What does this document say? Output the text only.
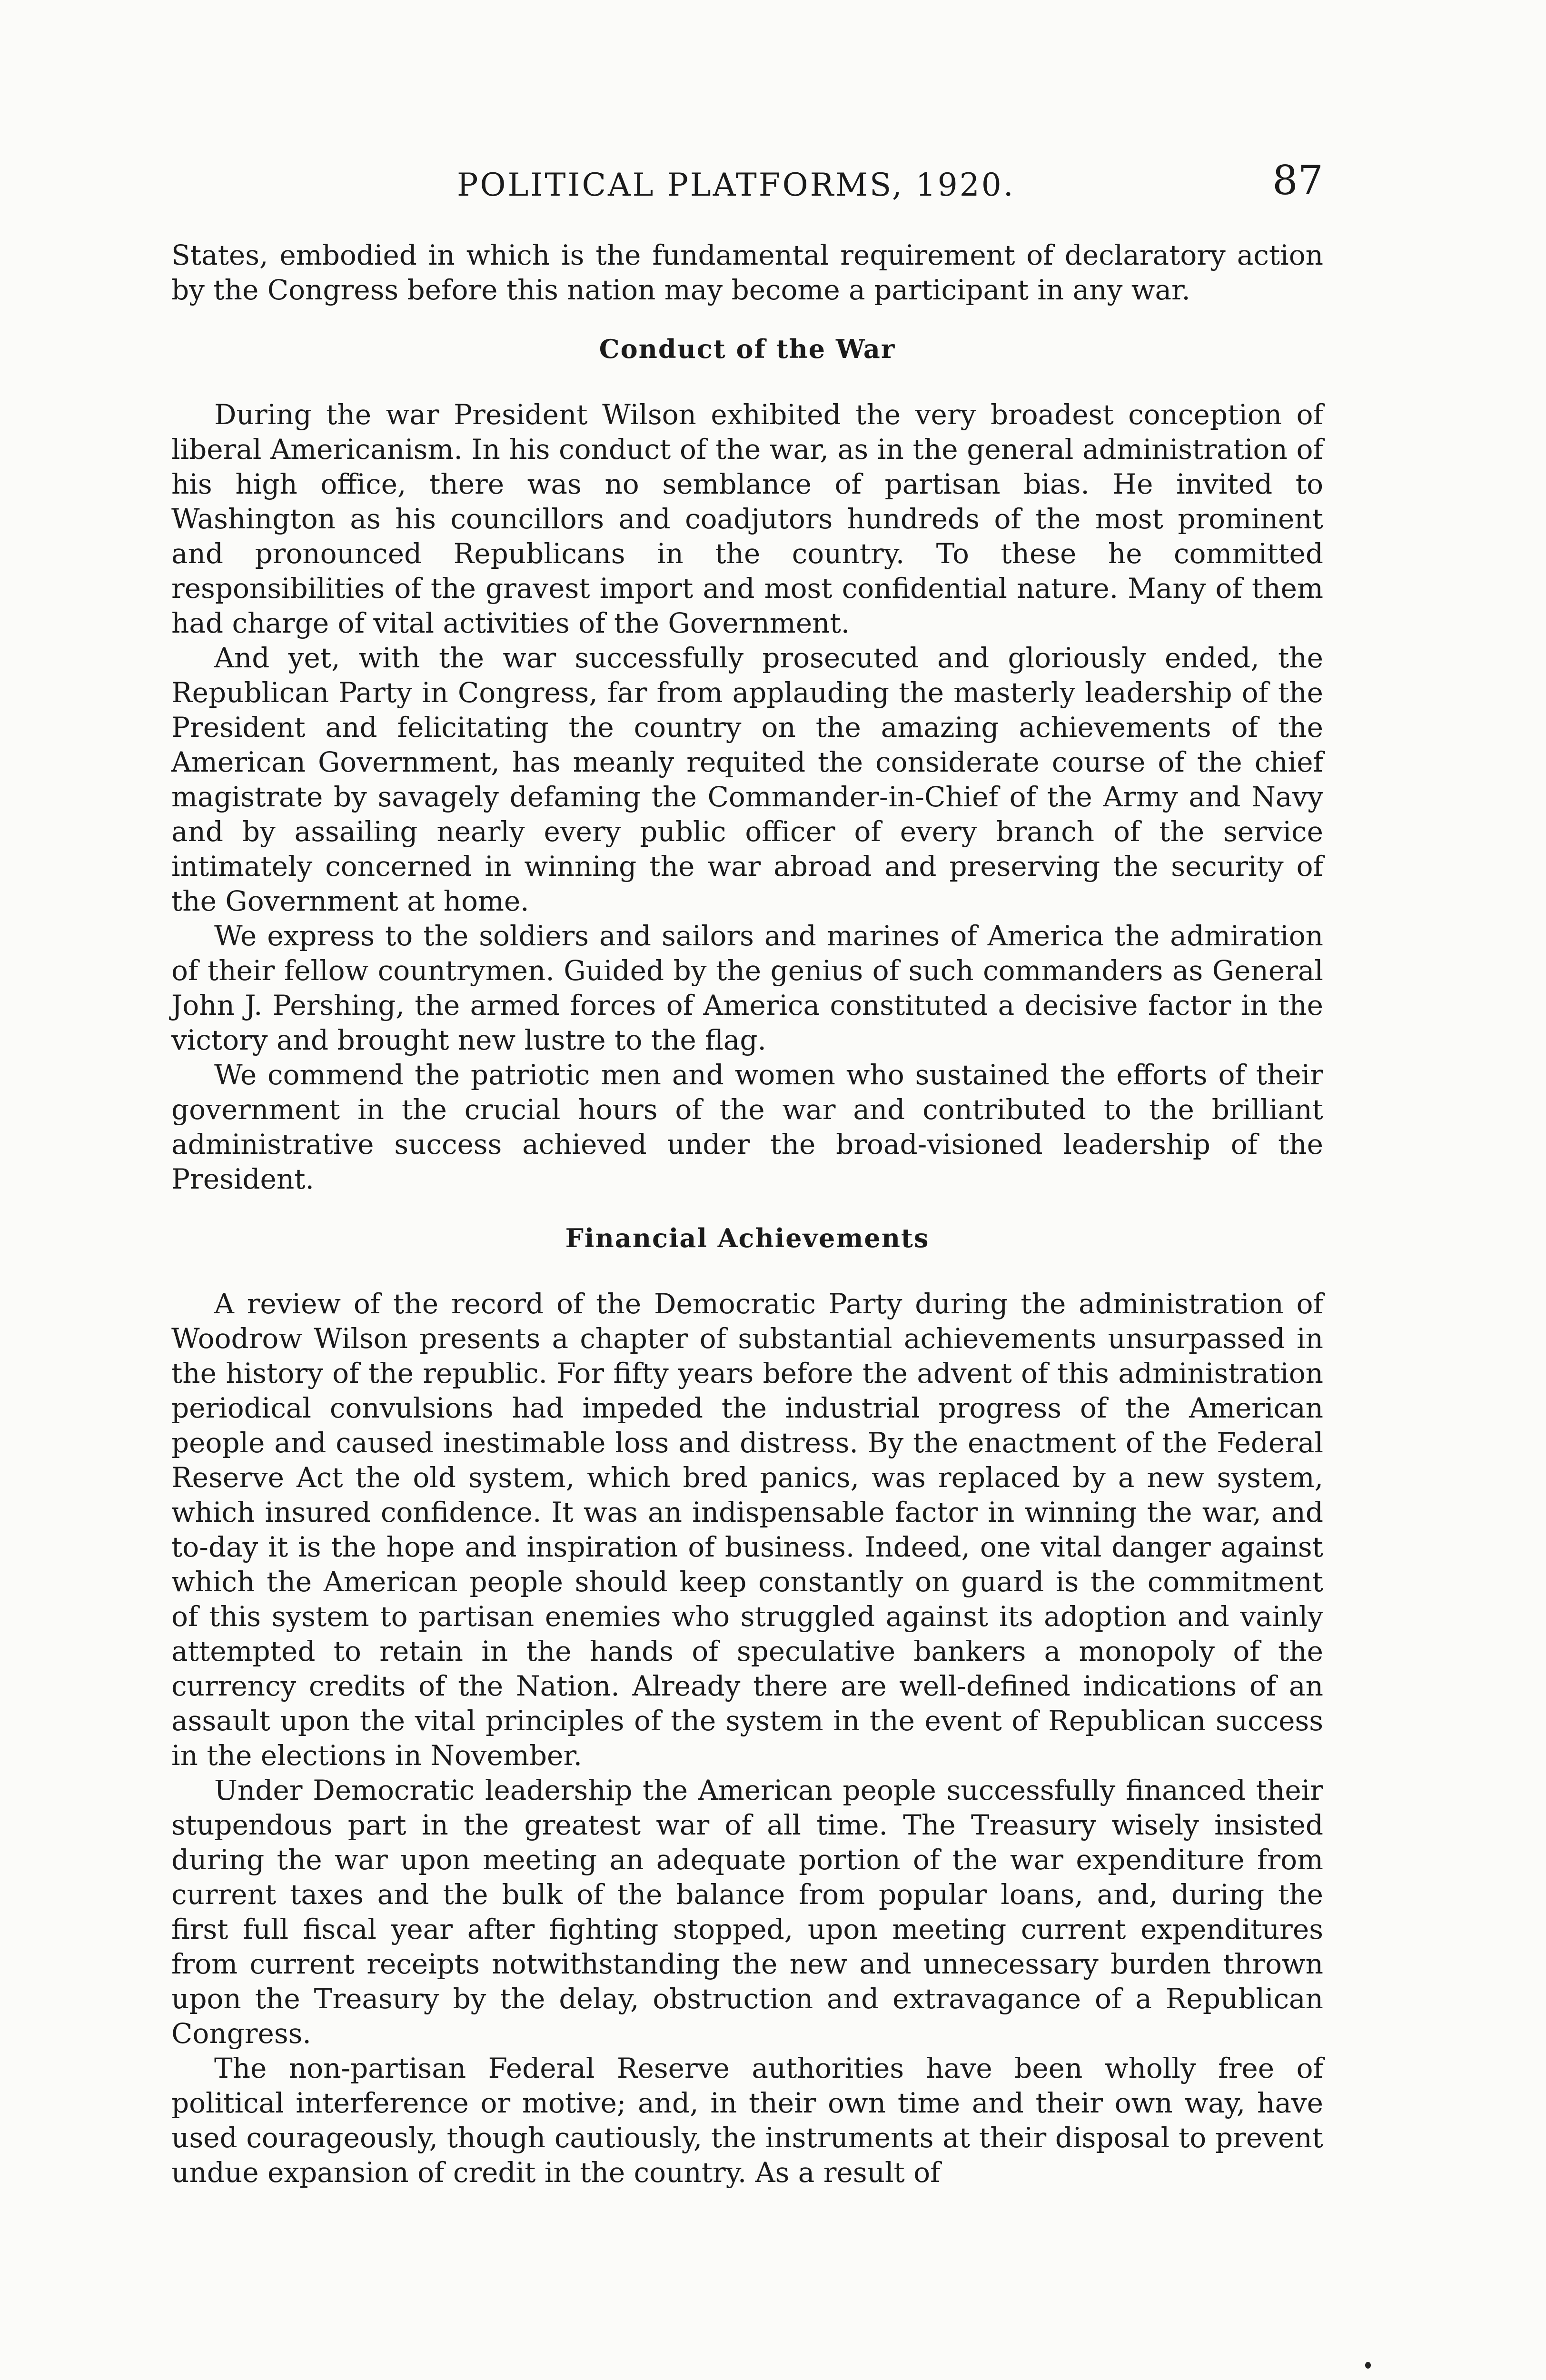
POLITICAL PLATFORMS, 1920.	87

States, embodied in which is the fundamental requirement of declaratory action by the Congress before this nation may become a participant in any war.

Conduct of the War

During the war President Wilson exhibited the very broadest conception of liberal Americanism. In his conduct of the war, as in the general administration of his high office, there was no semblance of partisan bias. He invited to Washington as his councillors and coadjutors hundreds of the most prominent and pronounced Republicans in the country. To these he committed responsibilities of the gravest import and most confidential nature. Many of them had charge of vital activities of the Government.

And yet, with the war successfully prosecuted and gloriously ended, the Republican Party in Congress, far from applauding the masterly leadership of the President and felicitating the country on the amazing achievements of the American Government, has meanly requited the considerate course of the chief magistrate by savagely defaming the Commander-in-Chief of the Army and Navy and by assailing nearly every public officer of every branch of the service intimately concerned in winning the war abroad and preserving the security of the Government at home.

We express to the soldiers and sailors and marines of America the admiration of their fellow countrymen. Guided by the genius of such commanders as General John J. Pershing, the armed forces of America constituted a decisive factor in the victory and brought new lustre to the flag.

We commend the patriotic men and women who sustained the efforts of their government in the crucial hours of the war and contributed to the brilliant administrative success achieved under the broad-visioned leadership of the President.

Financial Achievements

A review of the record of the Democratic Party during the administration of Woodrow Wilson presents a chapter of substantial achievements unsurpassed in the history of the republic. For fifty years before the advent of this administration periodical convulsions had impeded the industrial progress of the American people and caused inestimable loss and distress. By the enactment of the Federal Reserve Act the old system, which bred panics, was replaced by a new system, which insured confidence. It was an indispensable factor in winning the war, and to-day it is the hope and inspiration of business. Indeed, one vital danger against which the American people should keep constantly on guard is the commitment of this system to partisan enemies who struggled against its adoption and vainly attempted to retain in the hands of speculative bankers a monopoly of the currency credits of the Nation. Already there are well-defined indications of an assault upon the vital principles of the system in the event of Republican success in the elections in November.

Under Democratic leadership the American people successfully financed their stupendous part in the greatest war of all time. The Treasury wisely insisted during the war upon meeting an adequate portion of the war expenditure from current taxes and the bulk of the balance from popular loans, and, during the first full fiscal year after fighting stopped, upon meeting current expenditures from current receipts notwithstanding the new and unnecessary burden thrown upon the Treasury by the delay, obstruction and extravagance of a Republican Congress.

The non-partisan Federal Reserve authorities have been wholly free of political interference or motive; and, in their own time and their own way, have used courageously, though cautiously, the instruments at their disposal to prevent undue expansion of credit in the country. As a result of
